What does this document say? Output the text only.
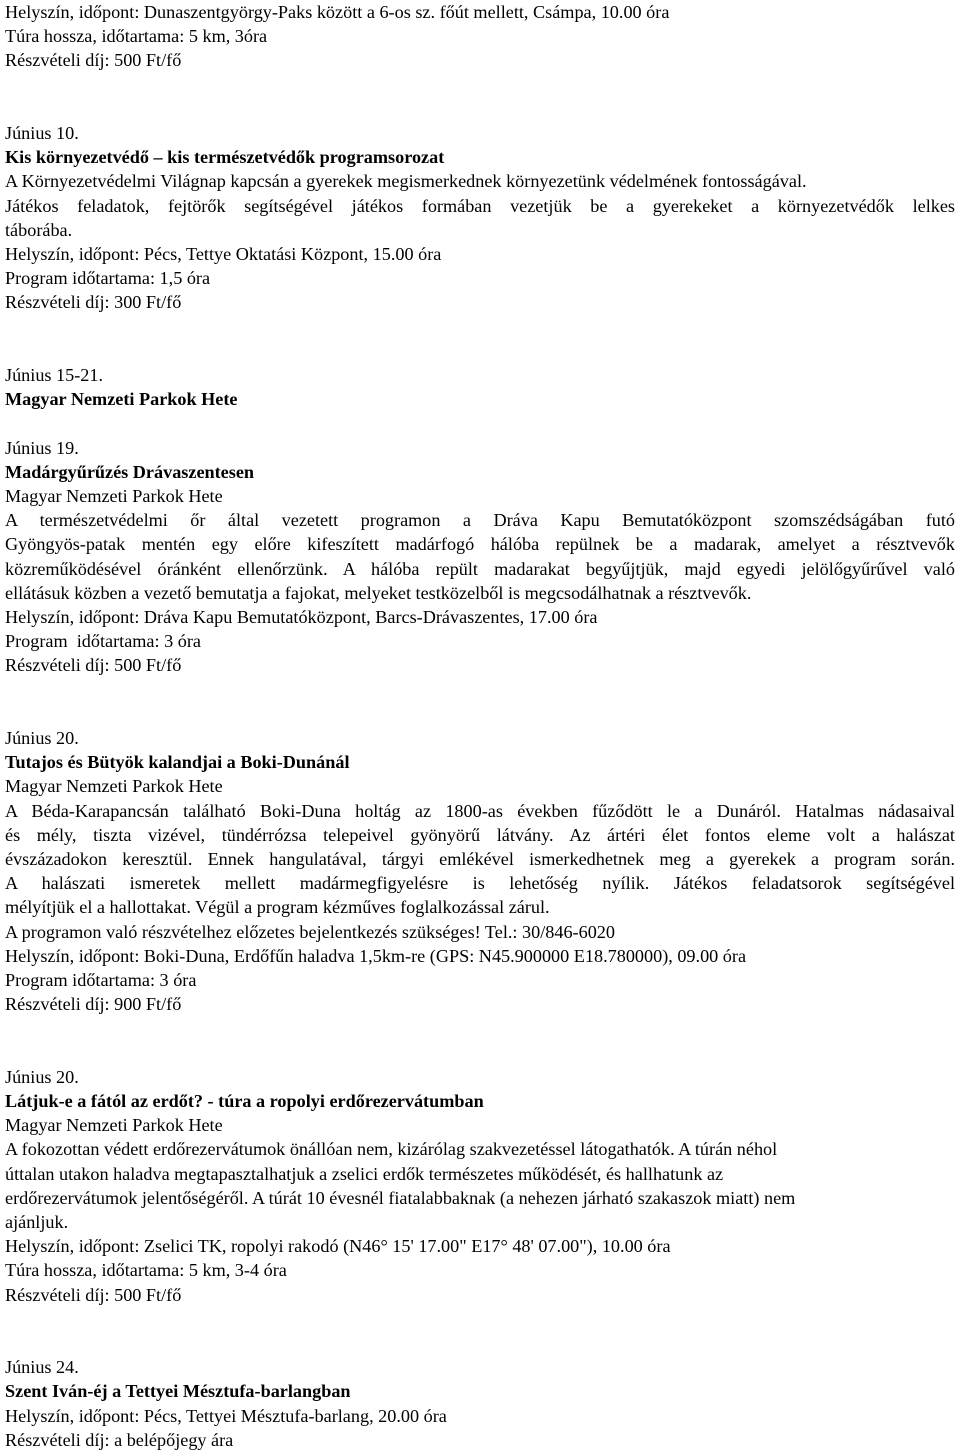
Helyszín, időpont: Dunaszentgyörgy-Paks között a 6-os sz. főút mellett, Csámpa, 10.00 óra
Túra hossza, időtartama: 5 km, 3óra
Részvételi díj: 500 Ft/fő
Június 10.
Kis környezetvédő – kis természetvédők programsorozat
A Környezetvédelmi Világnap kapcsán a gyerekek megismerkednek környezetünk védelmének fontosságával.
Játékos feladatok, fejtörők segítségével játékos formában vezetjük be a gyerekeket a környezetvédők lelkes
táborába.
Helyszín, időpont: Pécs, Tettye Oktatási Központ, 15.00 óra
Program időtartama: 1,5 óra
Részvételi díj: 300 Ft/fő
Június 15-21.
Magyar Nemzeti Parkok Hete
Június 19.
Madárgyűrűzés Drávaszentesen
Magyar Nemzeti Parkok Hete
A természetvédelmi őr által vezetett programon a Dráva Kapu Bemutatóközpont szomszédságában futó
Gyöngyös-patak mentén egy előre kifeszített madárfogó hálóba repülnek be a madarak, amelyet a résztvevők
közreműködésével óránként ellenőrzünk. A hálóba repült madarakat begyűjtjük, majd egyedi jelölőgyűrűvel való
ellátásuk közben a vezető bemutatja a fajokat, melyeket testközelből is megcsodálhatnak a résztvevők.
Helyszín, időpont: Dráva Kapu Bemutatóközpont, Barcs-Drávaszentes, 17.00 óra
Program  időtartama: 3 óra
Részvételi díj: 500 Ft/fő
Június 20.
Tutajos és Bütyök kalandjai a Boki-Dunánál
Magyar Nemzeti Parkok Hete
A Béda-Karapancsán található Boki-Duna holtág az 1800-as években fűződött le a Dunáról. Hatalmas nádasaival
és mély, tiszta vizével, tündérrózsa telepeivel gyönyörű látvány. Az ártéri élet fontos eleme volt a halászat
évszázadokon keresztül. Ennek hangulatával, tárgyi emlékével ismerkedhetnek meg a gyerekek a program során.
A halászati ismeretek mellett madármegfigyelésre is lehetőség nyílik. Játékos feladatsorok segítségével
mélyítjük el a hallottakat. Végül a program kézműves foglalkozással zárul.
A programon való részvételhez előzetes bejelentkezés szükséges! Tel.: 30/846-6020
Helyszín, időpont: Boki-Duna, Erdőfűn haladva 1,5km-re (GPS: N45.900000 E18.780000), 09.00 óra
Program időtartama: 3 óra
Részvételi díj: 900 Ft/fő
Június 20.
Látjuk-e a fától az erdőt? - túra a ropolyi erdőrezervátumban
Magyar Nemzeti Parkok Hete
A fokozottan védett erdőrezervátumok önállóan nem, kizárólag szakvezetéssel látogathatók. A túrán néhol
úttalan utakon haladva megtapasztalhatjuk a zselici erdők természetes működését, és hallhatunk az
erdőrezervátumok jelentőségéről. A túrát 10 évesnél fiatalabbaknak (a nehezen járható szakaszok miatt) nem
ajánljuk.
Helyszín, időpont: Zselici TK, ropolyi rakodó (N46° 15' 17.00" E17° 48' 07.00"), 10.00 óra
Túra hossza, időtartama: 5 km, 3-4 óra
Részvételi díj: 500 Ft/fő
Június 24.
Szent Iván-éj a Tettyei Mésztufa-barlangban
Helyszín, időpont: Pécs, Tettyei Mésztufa-barlang, 20.00 óra
Részvételi díj: a belépőjegy ára
